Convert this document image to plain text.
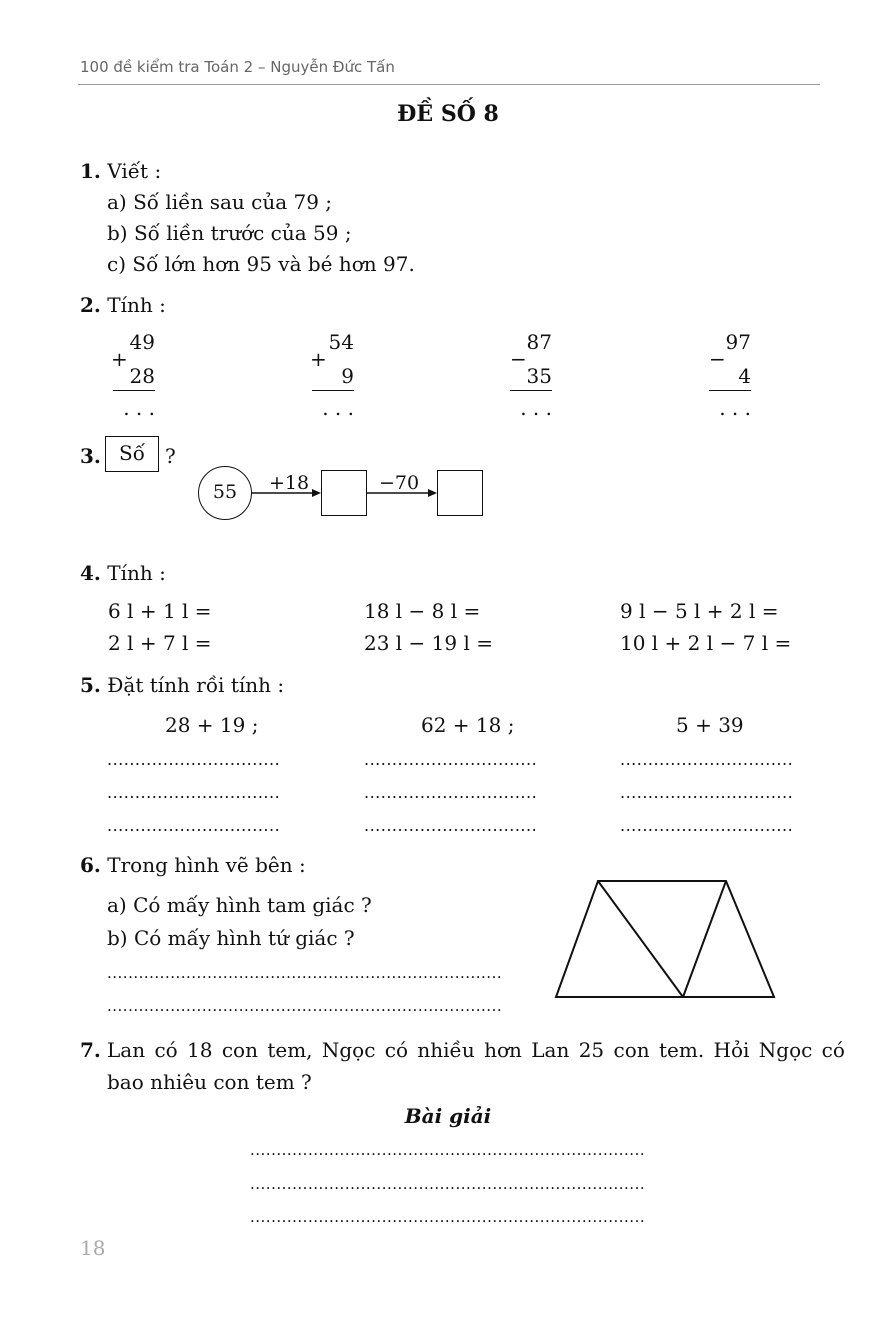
100 đề kiểm tra Toán 2 – Nguyễn Đức Tấn
ĐỀ SỐ 8
1. Viết :
a) Số liền sau của 79 ;
b) Số liền trước của 59 ;
c) Số lớn hơn 95 và bé hơn 97.
2. Tính :
49
+
28
. . .
54
+
9
. . .
87
−
35
. . .
97
−
4
. . .
3. Số	?
55	+18	−70
4. Tính :
6 l + 1 l =	18 l − 8 l =	9 l − 5 l + 2 l =
2 l + 7 l =	23 l − 19 l =	10 l + 2 l − 7 l =
5. Đặt tính rồi tính :
28 + 19 ;	62 + 18 ;	5 + 39
...............................	...............................	...............................
...............................	...............................	...............................
...............................	...............................	...............................
6. Trong hình vẽ bên :
a) Có mấy hình tam giác ?
b) Có mấy hình tứ giác ?
...........................................................................
...........................................................................
7. Lan có 18 con tem, Ngọc có nhiều hơn Lan 25 con tem. Hỏi Ngọc có
bao nhiêu con tem ?
Bài giải
...........................................................................
...........................................................................
...........................................................................
18
